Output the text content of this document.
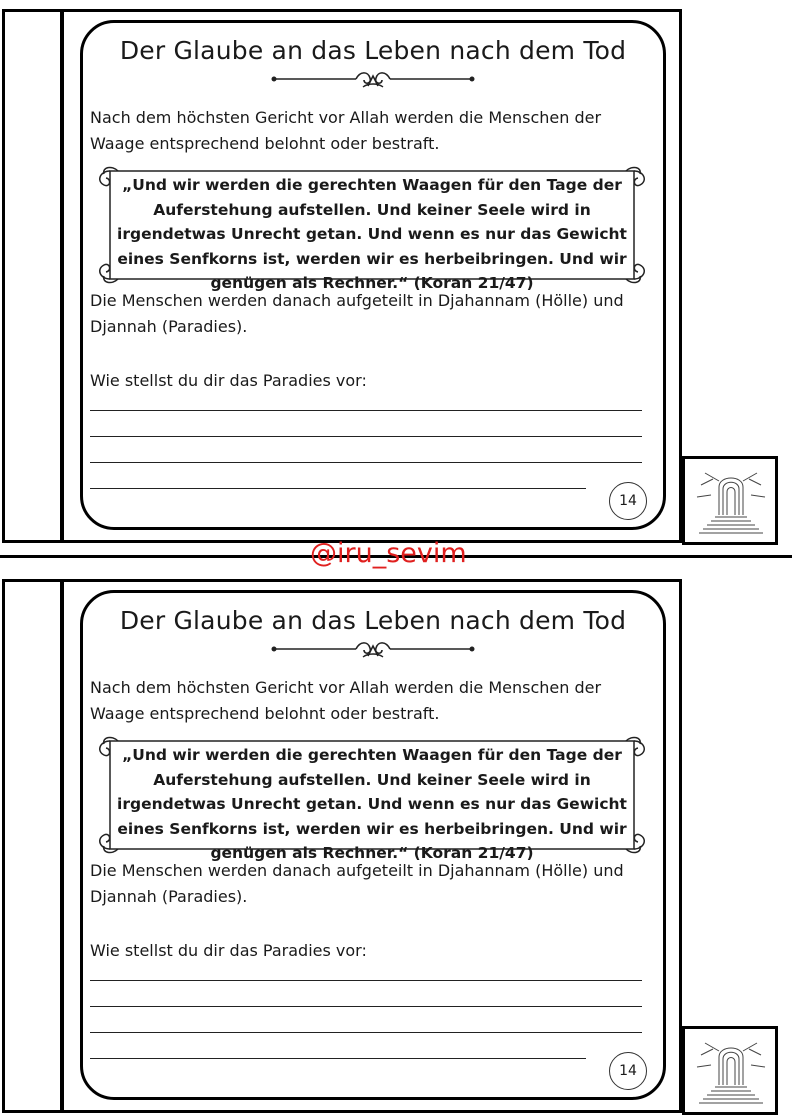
Der Glaube an das Leben nach dem Tod
Nach dem höchsten Gericht vor Allah werden die Menschen der Waage entsprechend belohnt oder bestraft.
„Und wir werden die gerechten Waagen für den Tage der Auferstehung aufstellen. Und keiner Seele wird in irgendetwas Unrecht getan. Und wenn es nur das Gewicht eines Senfkorns ist, werden wir es herbeibringen. Und wir genügen als Rechner.“ (Koran 21/47)
Die Menschen werden danach aufgeteilt in Djahannam (Hölle) und Djannah (Paradies).
Wie stellst du dir das Paradies vor:
14
@iru_sevim
Der Glaube an das Leben nach dem Tod
Nach dem höchsten Gericht vor Allah werden die Menschen der Waage entsprechend belohnt oder bestraft.
„Und wir werden die gerechten Waagen für den Tage der Auferstehung aufstellen. Und keiner Seele wird in irgendetwas Unrecht getan. Und wenn es nur das Gewicht eines Senfkorns ist, werden wir es herbeibringen. Und wir genügen als Rechner.“ (Koran 21/47)
Die Menschen werden danach aufgeteilt in Djahannam (Hölle) und Djannah (Paradies).
Wie stellst du dir das Paradies vor:
14
